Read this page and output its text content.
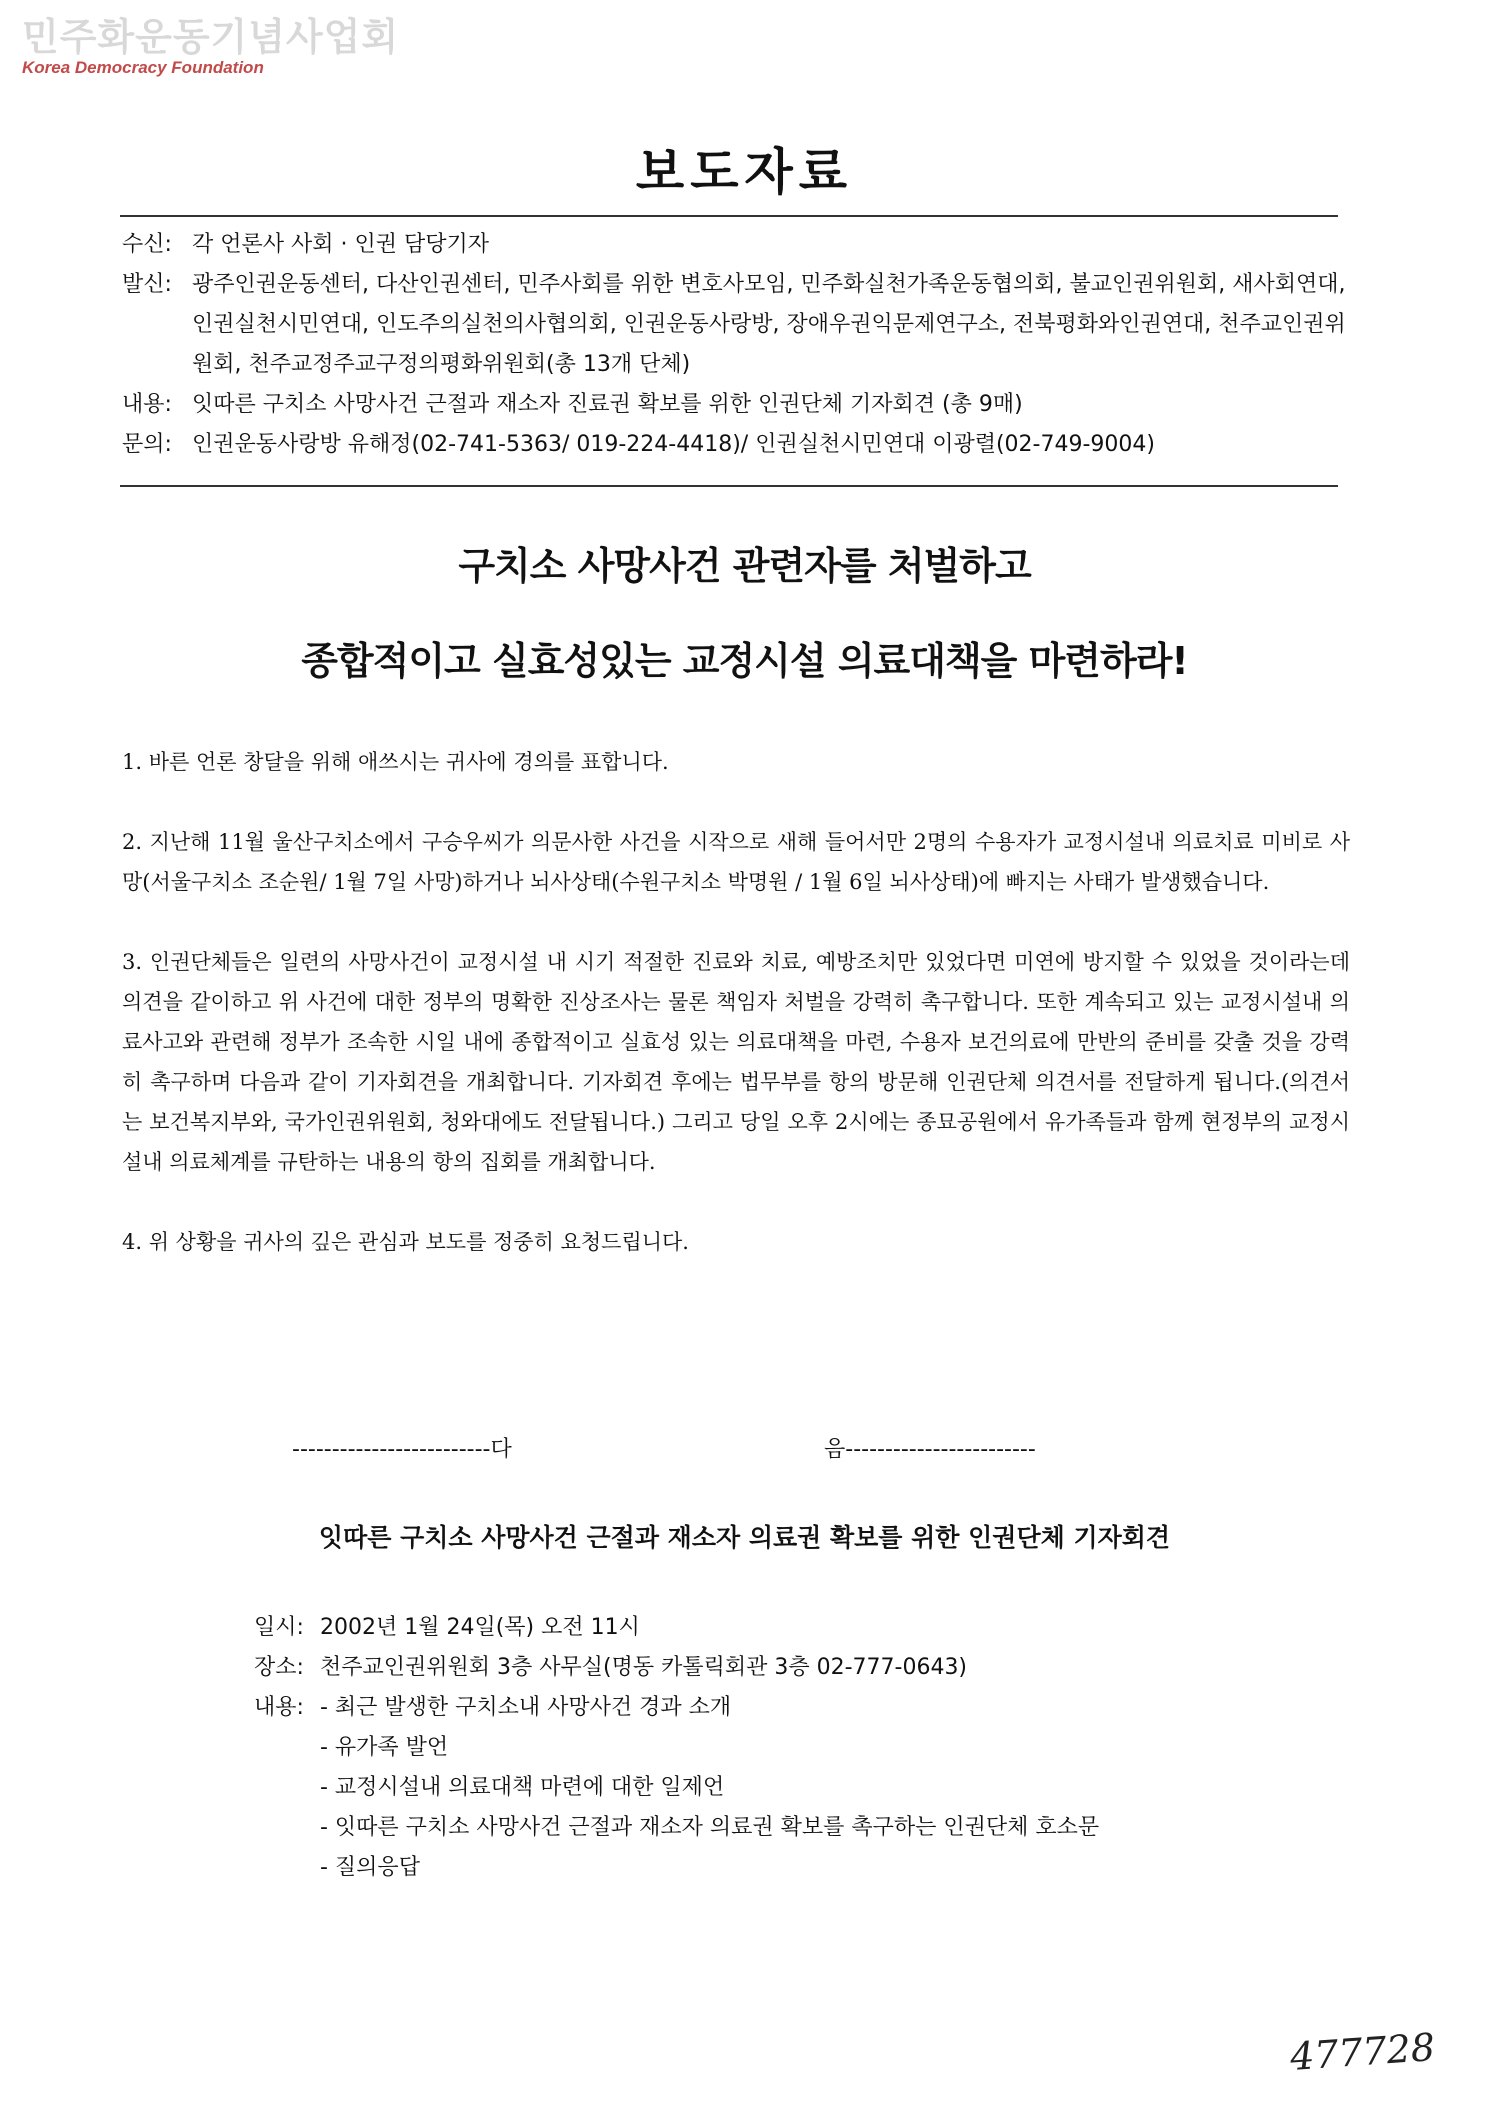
민주화운동기념사업회
Korea Democracy Foundation
보도자료
수신: 각 언론사 사회 · 인권 담당기자
발신: 광주인권운동센터, 다산인권센터, 민주사회를 위한 변호사모임, 민주화실천가족운동협의회, 불교인권위원회, 새사회연대, 인권실천시민연대, 인도주의실천의사협의회, 인권운동사랑방, 장애우권익문제연구소, 전북평화와인권연대, 천주교인권위원회, 천주교정주교구정의평화위원회(총 13개 단체)
내용: 잇따른 구치소 사망사건 근절과 재소자 진료권 확보를 위한 인권단체 기자회견 (총 9매)
문의: 인권운동사랑방 유해정(02-741-5363/ 019-224-4418)/ 인권실천시민연대 이광렬(02-749-9004)
구치소 사망사건 관련자를 처벌하고
종합적이고 실효성있는 교정시설 의료대책을 마련하라!

1. 바른 언론 창달을 위해 애쓰시는 귀사에 경의를 표합니다.

2. 지난해 11월 울산구치소에서 구승우씨가 의문사한 사건을 시작으로 새해 들어서만 2명의 수용자가 교정시설내 의료치료 미비로 사망(서울구치소 조순원/ 1월 7일 사망)하거나 뇌사상태(수원구치소 박명원 / 1월 6일 뇌사상태)에 빠지는 사태가 발생했습니다.

3. 인권단체들은 일련의 사망사건이 교정시설 내 시기 적절한 진료와 치료, 예방조치만 있었다면 미연에 방지할 수 있었을 것이라는데 의견을 같이하고 위 사건에 대한 정부의 명확한 진상조사는 물론 책임자 처벌을 강력히 촉구합니다. 또한 계속되고 있는 교정시설내 의료사고와 관련해 정부가 조속한 시일 내에 종합적이고 실효성 있는 의료대책을 마련, 수용자 보건의료에 만반의 준비를 갖출 것을 강력히 촉구하며 다음과 같이 기자회견을 개최합니다. 기자회견 후에는 법무부를 항의 방문해 인권단체 의견서를 전달하게 됩니다.(의견서는 보건복지부와, 국가인권위원회, 청와대에도 전달됩니다.) 그리고 당일 오후 2시에는 종묘공원에서 유가족들과 함께 현정부의 교정시설내 의료체계를 규탄하는 내용의 항의 집회를 개최합니다.

4. 위 상황을 귀사의 깊은 관심과 보도를 정중히 요청드립니다.

-------------------------다	음------------------------
잇따른 구치소 사망사건 근절과 재소자 의료권 확보를 위한 인권단체 기자회견
일시: 2002년 1월 24일(목) 오전 11시
장소: 천주교인권위원회 3층 사무실(명동 카톨릭회관 3층 02-777-0643)
내용: - 최근 발생한 구치소내 사망사건 경과 소개
- 유가족 발언
- 교정시설내 의료대책 마련에 대한 일제언
- 잇따른 구치소 사망사건 근절과 재소자 의료권 확보를 촉구하는 인권단체 호소문
- 질의응답
477728
